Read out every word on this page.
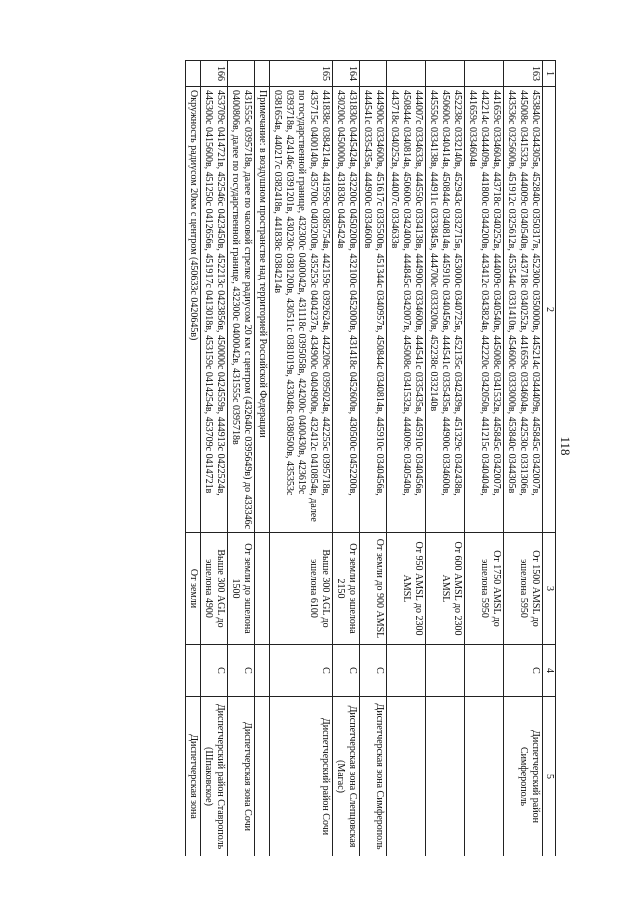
118
1	2	3	4	5
163	453840с 0344305в, 452840с 0350317в, 452300с 0350000в, 445214с 0344409в, 445845с 0342007в, 445008с 0341532в, 444009с 0340540в, 443718с 0340252в, 441659с 0334604в, 442530с 0331306в, 443536с 0325600в, 451912с 0325612в, 453544с 0331410в, 454600с 0333000в, 453840с 0344305в	От 1500 AMSL до эшелона 5950	С	Диспетчерский район Симферополь
	441659с 0334604в, 443718с 0340252в, 444009с 0340540в, 445008с 0341532в, 445845с 0342007в, 442214с 0344409в, 441800с 0344200в, 443412с 0343824в, 442220с 0342050в, 441215с 0340404в, 441659с 0334604в	От 1750 AMSL до эшелона 5950		
	452238с 0332140в, 452943с 0332715в, 453000с 0340725в, 452135с 0342439в, 451329с 0342438в, 450600с 0340414в, 450844с 0340814в, 445910с 0340456в, 444541с 0335435в, 444900с 0334600в, 445550с 0334138в, 444911с 0333845в, 444700с 0333200в, 452238с 0332140в	От 600 AMSL до 2300 AMSL		
	444007с 0334633в, 444550с 0334138в, 444900с 0334600в, 444541с 0335435в, 445910с 0340456в, 450844с 0340814в, 450600с 0342400в, 444845с 0342007в, 445008с 0341532в, 444009с 0340540в, 443718с 0340252в, 444007с 0334633в	От 950 AMSL до 2300 AMSL		
	444900с 0334600в, 451617с 0335500в, 451344с 0340957в, 450844с 0340814в, 445910с 0340456в, 444541с 0335435в, 444900с 0334600в	От земли до 900 AMSL	С	Диспетчерская зона Симферополь
164	431830с 0445424в, 432200с 0450200в, 432100с 0452000в, 431418с 0452600в, 430500с 0452200в, 430200с 0450000в, 431830с 0445424в	От земли до эшелона 2150	С	Диспетчерская зона Слепцовская (Магас)
165	441838с 0384214в, 441959с 0385754в, 442159с 0392624в, 442209с 0395024в, 442255с 0395718в, 435715с 0400140в, 435700с 0403200в, 435253с 0404237в, 434900с 0404900в, 432412с 0410854в, далее по государственной границе, 432300с 0400042в, 431118с 0395058в, 424200с 0400430в, 423619с 0393718в, 424146с 0391201в, 430230с 0381200в, 430511с 0381019в, 433048с 0380500в, 435353с 0381654в, 440217с 0382418в, 441838с 0384214в	Выше 300 AGL до эшелона 6100	С	Диспетчерский район Сочи
	Примечание: в воздушном пространстве над территорией Российской Федерации			
	431555с 0395718в, далее по часовой стрелке радиусом 20 км с центром (432640с 0395649в) до 433346с 0400806в, далее по государственной границе, 432300с 0400042в, 431555с 0395718в	От земли до эшелона 1500	С	Диспетчерская зона Сочи
166	453709с 0414721в, 452546с 0423450в, 452213с 0423856в, 450000с 0424559в, 444913с 0422524в, 445300с 0415600в, 451250с 0412656в, 451917с 0413018в, 453159с 0414254в, 453709с 0414721в	Выше 300 AGL до эшелона 4900	С	Диспетчерский район Ставрополь (Шпаковское)
	Окружность радиусом 20км с центром (450633с 0420645в)	От земли		Диспетчерская зона
